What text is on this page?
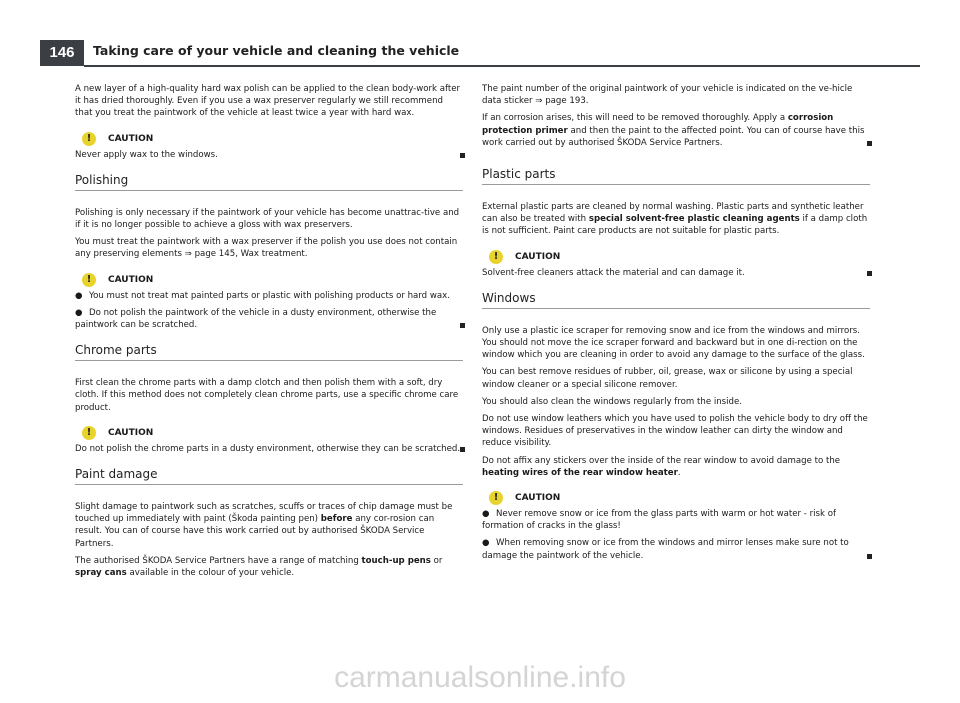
146	Taking care of your vehicle and cleaning the vehicle

A new layer of a high-quality hard wax polish can be applied to the clean body-work after it has dried thoroughly. Even if you use a wax preserver regularly we still recommend that you treat the paintwork of the vehicle at least twice a year with hard wax.

!	CAUTION

Never apply wax to the windows.

Polishing

Polishing is only necessary if the paintwork of your vehicle has become unattrac-tive and if it is no longer possible to achieve a gloss with wax preservers.

You must treat the paintwork with a wax preserver if the polish you use does not contain any preserving elements ⇒ page 145, Wax treatment.

!	CAUTION

● You must not treat mat painted parts or plastic with polishing products or hard wax.

● Do not polish the paintwork of the vehicle in a dusty environment, otherwise the paintwork can be scratched.

Chrome parts

First clean the chrome parts with a damp clotch and then polish them with a soft, dry cloth. If this method does not completely clean chrome parts, use a specific chrome care product.

!	CAUTION

Do not polish the chrome parts in a dusty environment, otherwise they can be scratched.

Paint damage

Slight damage to paintwork such as scratches, scuffs or traces of chip damage must be touched up immediately with paint (Škoda painting pen) before any cor-rosion can result. You can of course have this work carried out by authorised ŠKODA Service Partners.

The authorised ŠKODA Service Partners have a range of matching touch-up pens or spray cans available in the colour of your vehicle.

The paint number of the original paintwork of your vehicle is indicated on the ve-hicle data sticker ⇒ page 193.

If an corrosion arises, this will need to be removed thoroughly. Apply a corrosion protection primer and then the paint to the affected point. You can of course have this work carried out by authorised ŠKODA Service Partners.

Plastic parts

External plastic parts are cleaned by normal washing. Plastic parts and synthetic leather can also be treated with special solvent-free plastic cleaning agents if a damp cloth is not sufficient. Paint care products are not suitable for plastic parts.

!	CAUTION

Solvent-free cleaners attack the material and can damage it.

Windows

Only use a plastic ice scraper for removing snow and ice from the windows and mirrors. You should not move the ice scraper forward and backward but in one di-rection on the window which you are cleaning in order to avoid any damage to the surface of the glass.

You can best remove residues of rubber, oil, grease, wax or silicone by using a special window cleaner or a special silicone remover.

You should also clean the windows regularly from the inside.

Do not use window leathers which you have used to polish the vehicle body to dry off the windows. Residues of preservatives in the window leather can dirty the window and reduce visibility.

Do not affix any stickers over the inside of the rear window to avoid damage to the heating wires of the rear window heater.

!	CAUTION

● Never remove snow or ice from the glass parts with warm or hot water - risk of formation of cracks in the glass!

● When removing snow or ice from the windows and mirror lenses make sure not to damage the paintwork of the vehicle.

carmanualsonline.info
